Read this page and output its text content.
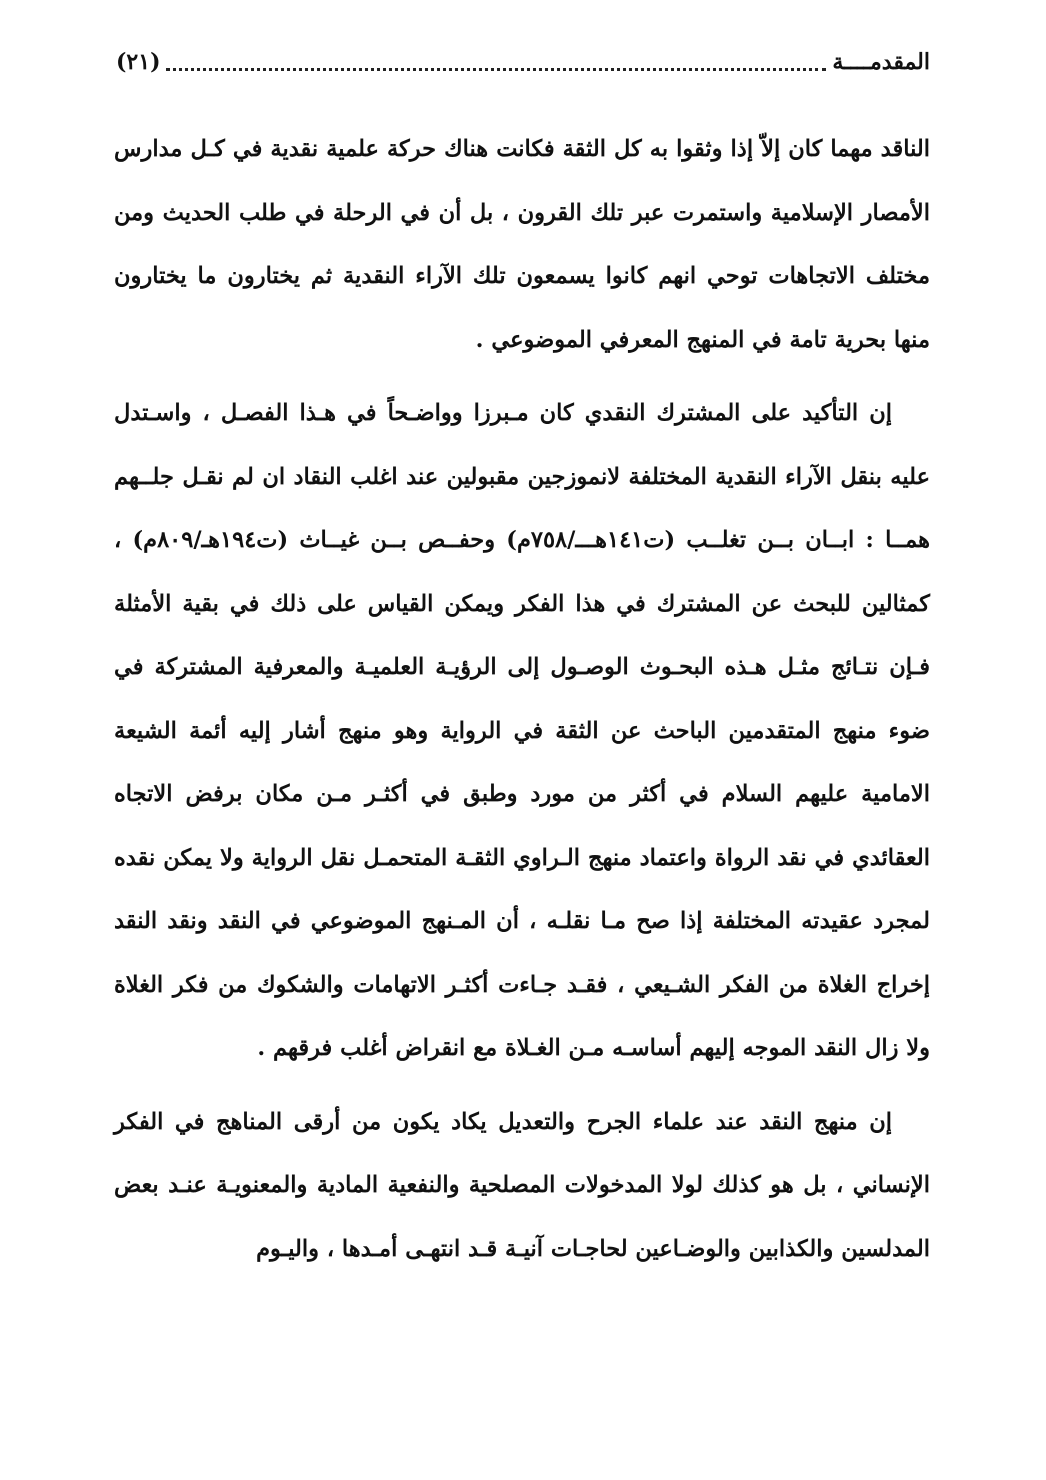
المقدمــــة
(٢١)

الناقد مهما كان إلاّ إذا وثقوا به كل الثقة فكانت هناك حركة علمية نقدية في كـل مدارس الأمصار الإسلامية واستمرت عبر تلك القرون ، بل أن في الرحلة في طلب الحديث ومن مختلف الاتجاهات توحي انهم كانوا يسمعون تلك الآراء النقدية ثم يختارون ما يختارون منها بحرية تامة في المنهج المعرفي الموضوعي .

إن التأكيد على المشترك النقدي كان مـبرزا وواضـحاً في هـذا الفصـل ، واسـتدل عليه بنقل الآراء النقدية المختلفة لانموزجين مقبولين عند اغلب النقاد ان لم نقـل جلــهم همــا : ابــان بــن تغلــب (ت١٤١هـــ/٧٥٨م) وحفــص بــن غيــاث (ت١٩٤هـ/٨٠٩م) ، كمثالين للبحث عن المشترك في هذا الفكر ويمكن القياس على ذلك في بقية الأمثلة فـإن نتـائج مثـل هـذه البحـوث الوصـول إلى الرؤيـة العلميـة والمعرفية المشتركة في ضوء منهج المتقدمين الباحث عن الثقة في الرواية وهو منهج أشار إليه أئمة الشيعة الامامية عليهم السلام في أكثر من مورد وطبق في أكثـر مـن مكان برفض الاتجاه العقائدي في نقد الرواة واعتماد منهج الـراوي الثقـة المتحمـل نقل الرواية ولا يمكن نقده لمجرد عقيدته المختلفة إذا صح مـا نقلـه ، أن المـنهج الموضوعي في النقد ونقد النقد إخراج الغلاة من الفكر الشـيعي ، فقـد جـاءت أكثـر الاتهامات والشكوك من فكر الغلاة ولا زال النقد الموجه إليهم أساسـه مـن الغـلاة مع انقراض أغلب فرقهم .

إن منهج النقد عند علماء الجرح والتعديل يكاد يكون من أرقى المناهج في الفكر الإنساني ، بل هو كذلك لولا المدخولات المصلحية والنفعية المادية والمعنويـة عنـد بعض المدلسين والكذابين والوضـاعين لحاجـات آنيـة قـد انتهـى أمـدها ، واليـوم
